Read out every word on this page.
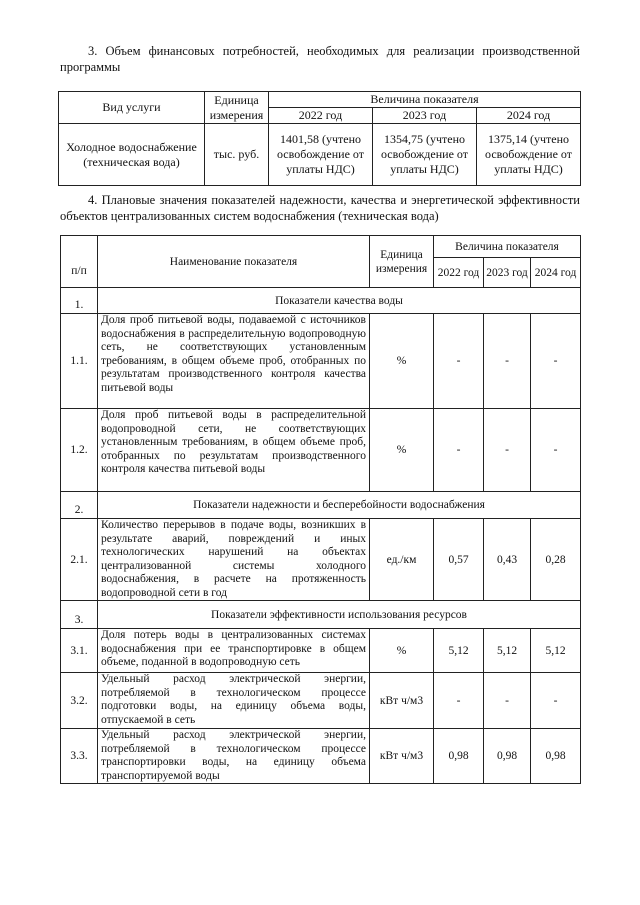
3. Объем финансовых потребностей, необходимых для реализации производственной программы

Вид услуги	Единица измерения	Величина показателя		
		2022 год	2023 год	2024 год
Холодное водоснабжение (техническая вода)	тыс. руб.	1401,58 (учтено освобождение от уплаты НДС)	1354,75 (учтено освобождение от уплаты НДС)	1375,14 (учтено освобождение от уплаты НДС)

4. Плановые значения показателей надежности, качества и энергетической эффективности объектов централизованных систем водоснабжения (техническая вода)

п/п	Наименование показателя	Единица измерения	Величина показателя		
			2022 год	2023 год	2024 год
1.	Показатели качества воды				
1.1.	Доля проб питьевой воды, подаваемой с источников водоснабжения в распределительную водопроводную сеть, не соответствующих установленным требованиям, в общем объеме проб, отобранных по результатам производственного контроля качества питьевой воды	%	-	-	-
1.2.	Доля проб питьевой воды в распределительной водопроводной сети, не соответствующих установленным требованиям, в общем объеме проб, отобранных по результатам производственного контроля качества питьевой воды	%	-	-	-
2.	Показатели надежности и бесперебойности водоснабжения				
2.1.	Количество перерывов в подаче воды, возникших в результате аварий, повреждений и иных технологических нарушений на объектах централизованной системы холодного водоснабжения, в расчете на протяженность водопроводной сети в год	ед./км	0,57	0,43	0,28
3.	Показатели эффективности использования ресурсов				
3.1.	Доля потерь воды в централизованных системах водоснабжения при ее транспортировке в общем объеме, поданной в водопроводную сеть	%	5,12	5,12	5,12
3.2.	Удельный расход электрической энергии, потребляемой в технологическом процессе подготовки воды, на единицу объема воды, отпускаемой в сеть	кВт ч/м3	-	-	-
3.3.	Удельный расход электрической энергии, потребляемой в технологическом процессе транспортировки воды, на единицу объема транспортируемой воды	кВт ч/м3	0,98	0,98	0,98
